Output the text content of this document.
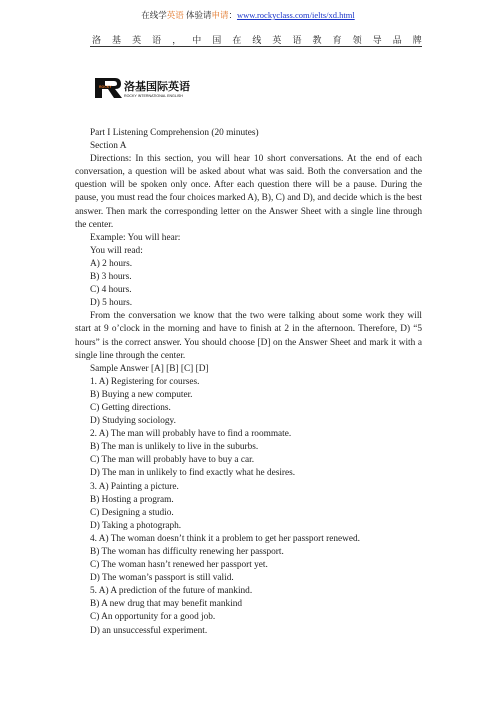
在线学英语 体验请申请：www.rockyclass.com/ielts/xd.html
洛 基 英 语 ， 中 国 在 线 英 语 教 育 领 导 品 牌
ROCKY 洛基国际英语
ROCKY INTERNATIONAL ENGLISH

Part I Listening Comprehension (20 minutes)

Section A

Directions: In this section, you will hear 10 short conversations. At the end of each conversation, a question will be asked about what was said. Both the conversation and the question will be spoken only once. After each question there will be a pause. During the pause, you must read the four choices marked A), B), C) and D), and decide which is the best answer. Then mark the corresponding letter on the Answer Sheet with a single line through the center.

Example: You will hear:

You will read:

A) 2 hours.

B) 3 hours.

C) 4 hours.

D) 5 hours.

From the conversation we know that the two were talking about some work they will start at 9 o’clock in the morning and have to finish at 2 in the afternoon. Therefore, D) “5 hours” is the correct answer. You should choose [D] on the Answer Sheet and mark it with a single line through the center.

Sample Answer [A] [B] [C] [D]

1. A) Registering for courses.

B) Buying a new computer.

C) Getting directions.

D) Studying sociology.

2. A) The man will probably have to find a roommate.

B) The man is unlikely to live in the suburbs.

C) The man will probably have to buy a car.

D) The man in unlikely to find exactly what he desires.

3. A) Painting a picture.

B) Hosting a program.

C) Designing a studio.

D) Taking a photograph.

4. A) The woman doesn’t think it a problem to get her passport renewed.

B) The woman has difficulty renewing her passport.

C) The woman hasn’t renewed her passport yet.

D) The woman’s passport is still valid.

5. A) A prediction of the future of mankind.

B) A new drug that may benefit mankind

C) An opportunity for a good job.

D) an unsuccessful experiment.
